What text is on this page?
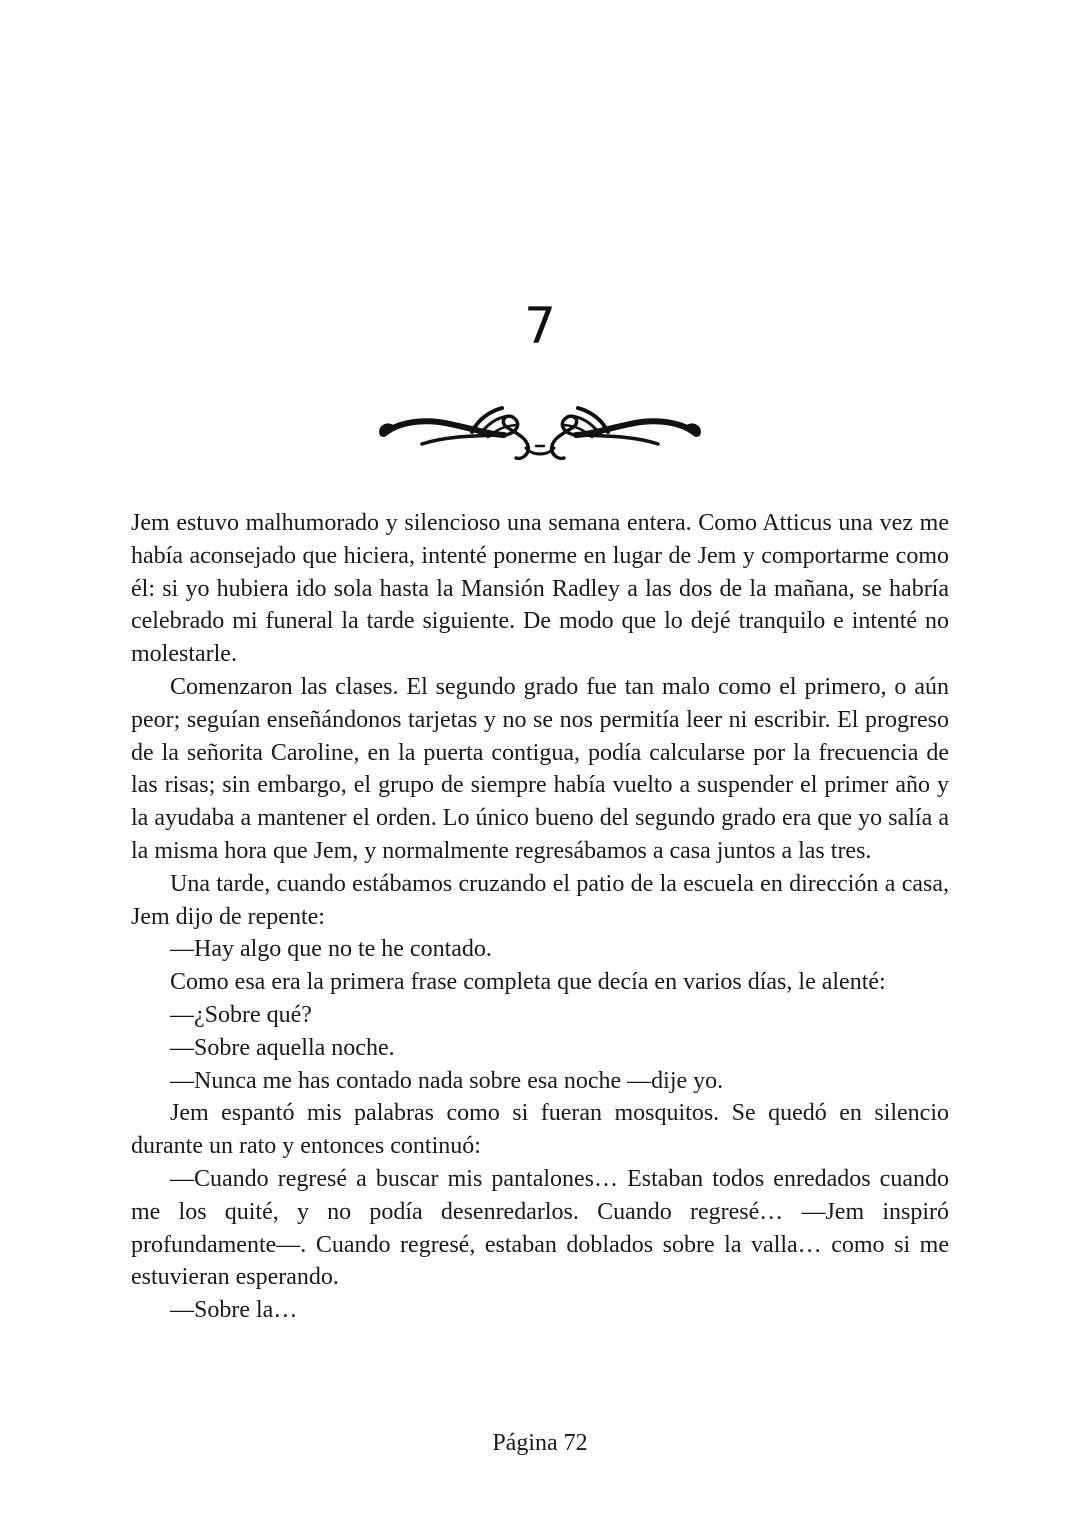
7

Jem estuvo malhumorado y silencioso una semana entera. Como Atticus una vez me había aconsejado que hiciera, intenté ponerme en lugar de Jem y comportarme como él: si yo hubiera ido sola hasta la Mansión Radley a las dos de la mañana, se habría celebrado mi funeral la tarde siguiente. De modo que lo dejé tranquilo e intenté no molestarle.

Comenzaron las clases. El segundo grado fue tan malo como el primero, o aún peor; seguían enseñándonos tarjetas y no se nos permitía leer ni escribir. El progreso de la señorita Caroline, en la puerta contigua, podía calcularse por la frecuencia de las risas; sin embargo, el grupo de siempre había vuelto a suspender el primer año y la ayudaba a mantener el orden. Lo único bueno del segundo grado era que yo salía a la misma hora que Jem, y normalmente regresábamos a casa juntos a las tres.

Una tarde, cuando estábamos cruzando el patio de la escuela en dirección a casa, Jem dijo de repente:

—Hay algo que no te he contado.

Como esa era la primera frase completa que decía en varios días, le alenté:

—¿Sobre qué?

—Sobre aquella noche.

—Nunca me has contado nada sobre esa noche —dije yo.

Jem espantó mis palabras como si fueran mosquitos. Se quedó en silencio durante un rato y entonces continuó:

—Cuando regresé a buscar mis pantalones… Estaban todos enredados cuando me los quité, y no podía desenredarlos. Cuando regresé… —Jem inspiró profundamente—. Cuando regresé, estaban doblados sobre la valla… como si me estuvieran esperando.

—Sobre la…

Página 72
